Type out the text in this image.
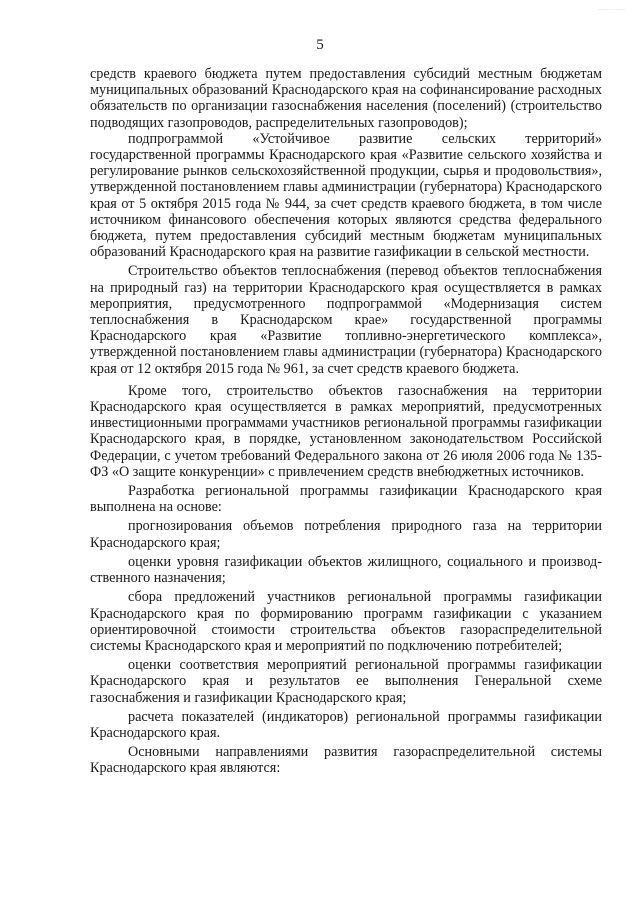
——— ———
5

средств краевого бюджета путем предоставления субсидий местным бюджетам муниципальных образований Краснодарского края на софинансирование расходных обязательств по организации газоснабжения населения (поселений) (строительство подводящих газопроводов, распределительных газопроводов);

подпрограммой «Устойчивое развитие сельских территорий» государственной программы Краснодарского края «Развитие сельского хозяйства и регулирование рынков сельскохозяйственной продукции, сырья и продовольствия», утвержденной постановлением главы администрации (губернатора) Краснодарского края от 5 октября 2015 года № 944, за счет средств краевого бюджета, в том числе источником финансового обеспечения которых являются средства федерального бюджета, путем предоставления субсидий местным бюджетам муниципальных образований Краснодарского края на развитие газификации в сельской местности.

Строительство объектов теплоснабжения (перевод объектов теплоснабжения на природный газ) на территории Краснодарского края осуществляется в рамках мероприятия, предусмотренного подпрограммой «Модернизация систем теплоснабжения в Краснодарском крае» государственной программы Краснодарского края «Развитие топливно-энергетического комплекса», утвержденной постановлением главы администрации (губернатора) Краснодарского края от 12 октября 2015 года № 961, за счет средств краевого бюджета.

Кроме того, строительство объектов газоснабжения на территории Краснодарского края осуществляется в рамках мероприятий, предусмотренных инвестиционными программами участников региональной программы газификации Краснодарского края, в порядке, установленном законодательством Российской Федерации, с учетом требований Федерального закона от 26 июля 2006 года № 135-ФЗ «О защите конкуренции» с привлечением средств внебюджетных источников.

Разработка региональной программы газификации Краснодарского края выполнена на основе:

прогнозирования объемов потребления природного газа на территории Краснодарского края;

оценки уровня газификации объектов жилищного, социального и производ-ственного назначения;

сбора предложений участников региональной программы газификации Краснодарского края по формированию программ газификации с указанием ориентировочной стоимости строительства объектов газораспределительной системы Краснодарского края и мероприятий по подключению потребителей;

оценки соответствия мероприятий региональной программы газификации Краснодарского края и результатов ее выполнения Генеральной схеме газоснабжения и газификации Краснодарского края;

расчета показателей (индикаторов) региональной программы газификации Краснодарского края.

Основными направлениями развития газораспределительной системы Краснодарского края являются:
